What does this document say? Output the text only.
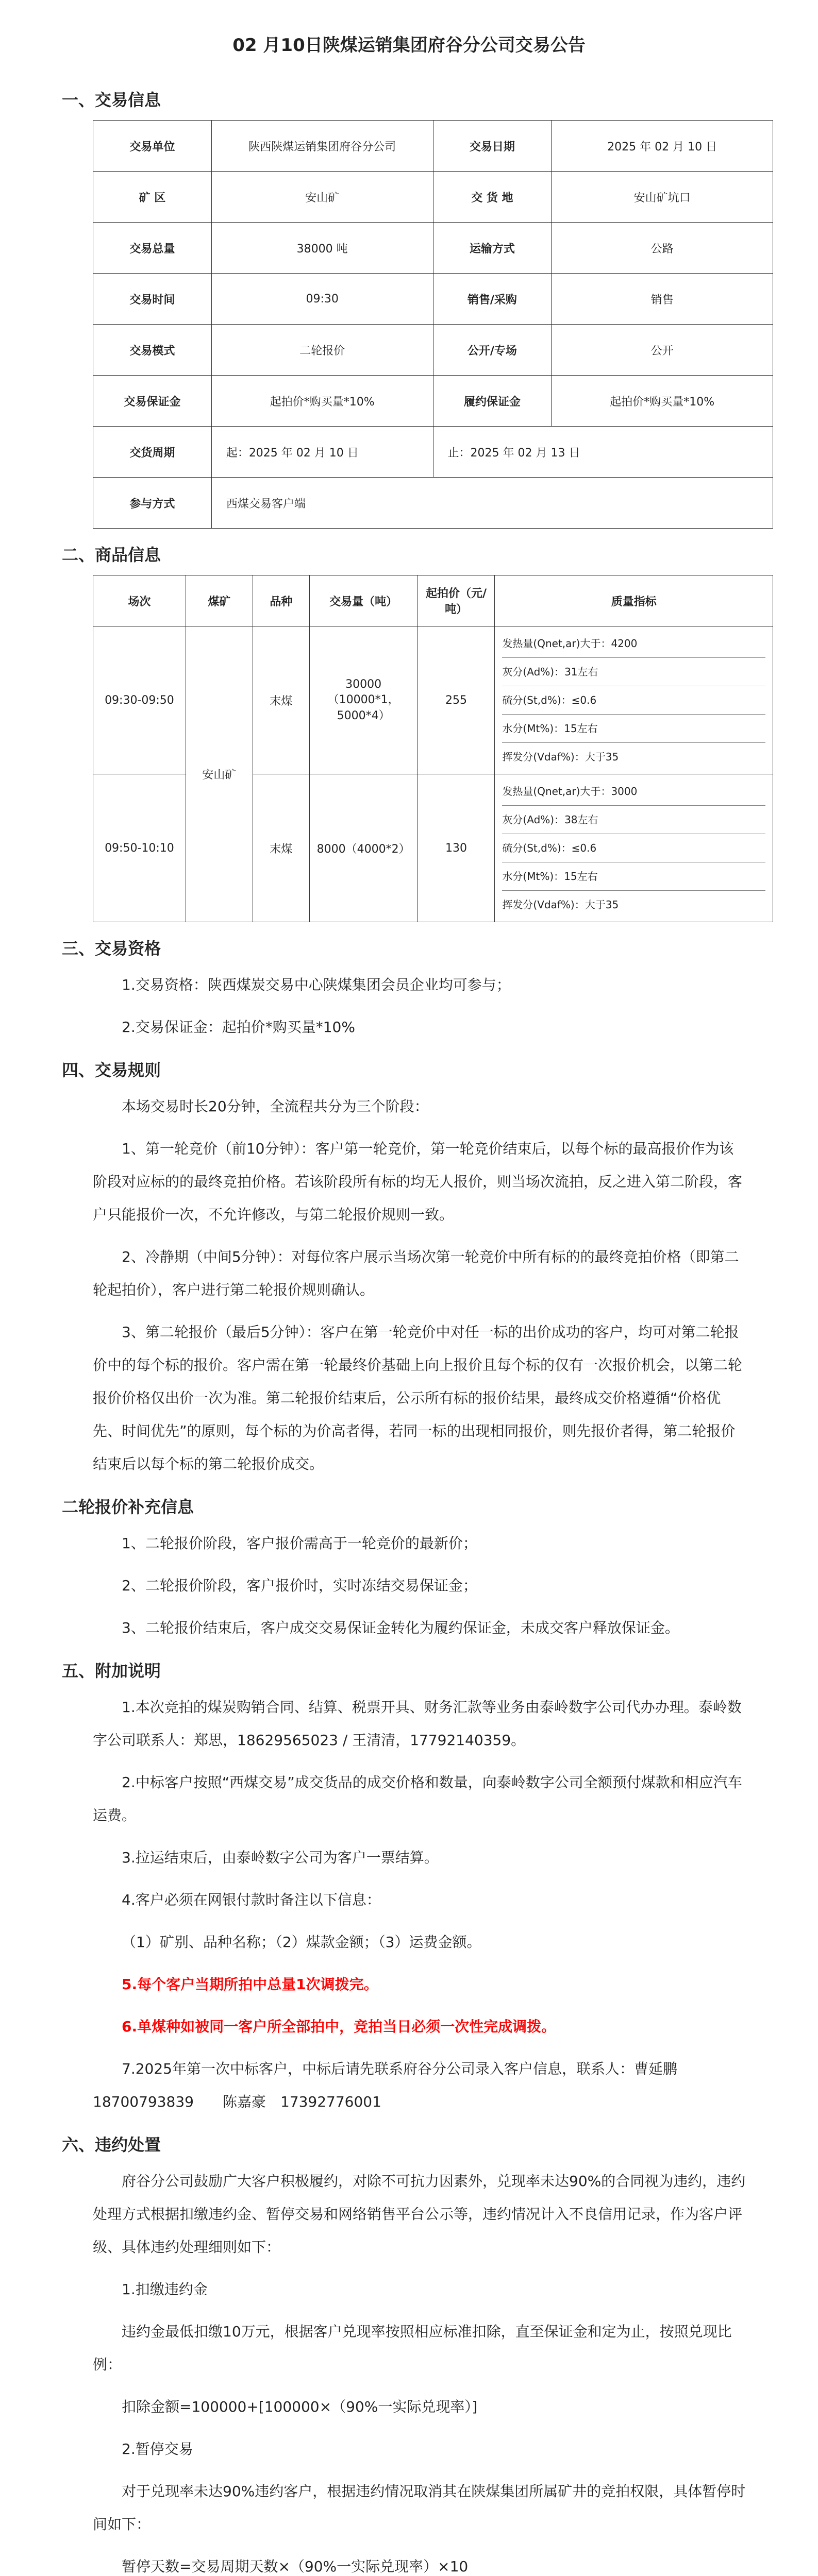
02 月10日陕煤运销集团府谷分公司交易公告
一、交易信息
交易单位	陕西陕煤运销集团府谷分公司	交易日期	2025 年 02 月 10 日
矿 区	安山矿	交 货 地	安山矿坑口
交易总量	38000 吨	运输方式	公路
交易时间	09:30	销售/采购	销售
交易模式	二轮报价	公开/专场	公开
交易保证金	起拍价*购买量*10%	履约保证金	起拍价*购买量*10%
交货周期	起：2025 年 02 月 10 日	止：2025 年 02 月 13 日	
参与方式	西煤交易客户端		
二、商品信息
场次	煤矿	品种	交易量（吨）	起拍价（元/吨）	质量指标
09:30-09:50	安山矿	末煤	30000（10000*1，5000*4）	255	发热量(Qnet,ar)大于：4200
灰分(Ad%)：31左右
硫分(St,d%)：≤0.6
水分(Mt%)：15左右
挥发分(Vdaf%)：大于35

09:50-10:10		末煤	8000（4000*2）	130	发热量(Qnet,ar)大于：3000
灰分(Ad%)：38左右
硫分(St,d%)：≤0.6
水分(Mt%)：15左右
挥发分(Vdaf%)：大于35
三、交易资格

1.交易资格：陕西煤炭交易中心陕煤集团会员企业均可参与；

2.交易保证金：起拍价*购买量*10%

四、交易规则

本场交易时长20分钟，全流程共分为三个阶段：

1、第一轮竞价（前10分钟）：客户第一轮竞价，第一轮竞价结束后，以每个标的最高报价作为该阶段对应标的的最终竞拍价格。若该阶段所有标的均无人报价，则当场次流拍，反之进入第二阶段，客户只能报价一次，不允许修改，与第二轮报价规则一致。

2、冷静期（中间5分钟）：对每位客户展示当场次第一轮竞价中所有标的的最终竞拍价格（即第二轮起拍价），客户进行第二轮报价规则确认。

3、第二轮报价（最后5分钟）：客户在第一轮竞价中对任一标的出价成功的客户，均可对第二轮报价中的每个标的报价。客户需在第一轮最终价基础上向上报价且每个标的仅有一次报价机会，以第二轮报价价格仅出价一次为准。第二轮报价结束后，公示所有标的报价结果，最终成交价格遵循“价格优先、时间优先”的原则，每个标的为价高者得，若同一标的出现相同报价，则先报价者得，第二轮报价结束后以每个标的第二轮报价成交。

二轮报价补充信息

1、二轮报价阶段，客户报价需高于一轮竞价的最新价；

2、二轮报价阶段，客户报价时，实时冻结交易保证金；

3、二轮报价结束后，客户成交交易保证金转化为履约保证金，未成交客户释放保证金。

五、附加说明

1.本次竞拍的煤炭购销合同、结算、税票开具、财务汇款等业务由泰岭数字公司代办办理。泰岭数字公司联系人：郑思，18629565023 / 王清清，17792140359。

2.中标客户按照“西煤交易”成交货品的成交价格和数量，向泰岭数字公司全额预付煤款和相应汽车运费。

3.拉运结束后，由泰岭数字公司为客户一票结算。

4.客户必须在网银付款时备注以下信息：

（1）矿别、品种名称；（2）煤款金额；（3）运费金额。

5.每个客户当期所拍中总量1次调拨完。

6.单煤种如被同一客户所全部拍中，竞拍当日必须一次性完成调拨。

7.2025年第一次中标客户，中标后请先联系府谷分公司录入客户信息，联系人：曹延鹏　　18700793839　　陈嘉豪　17392776001

六、违约处置

府谷分公司鼓励广大客户积极履约，对除不可抗力因素外，兑现率未达90%的合同视为违约，违约处理方式根据扣缴违约金、暂停交易和网络销售平台公示等，违约情况计入不良信用记录，作为客户评级、具体违约处理细则如下：

1.扣缴违约金

违约金最低扣缴10万元，根据客户兑现率按照相应标准扣除，直至保证金和定为止，按照兑现比例：

扣除金额=100000+[100000×（90%一实际兑现率）]

2.暂停交易

对于兑现率未达90%违约客户，根据违约情况取消其在陕煤集团所属矿井的竞拍权限，具体暂停时间如下：

暂停天数=交易周期天数×（90%一实际兑现率）×10
